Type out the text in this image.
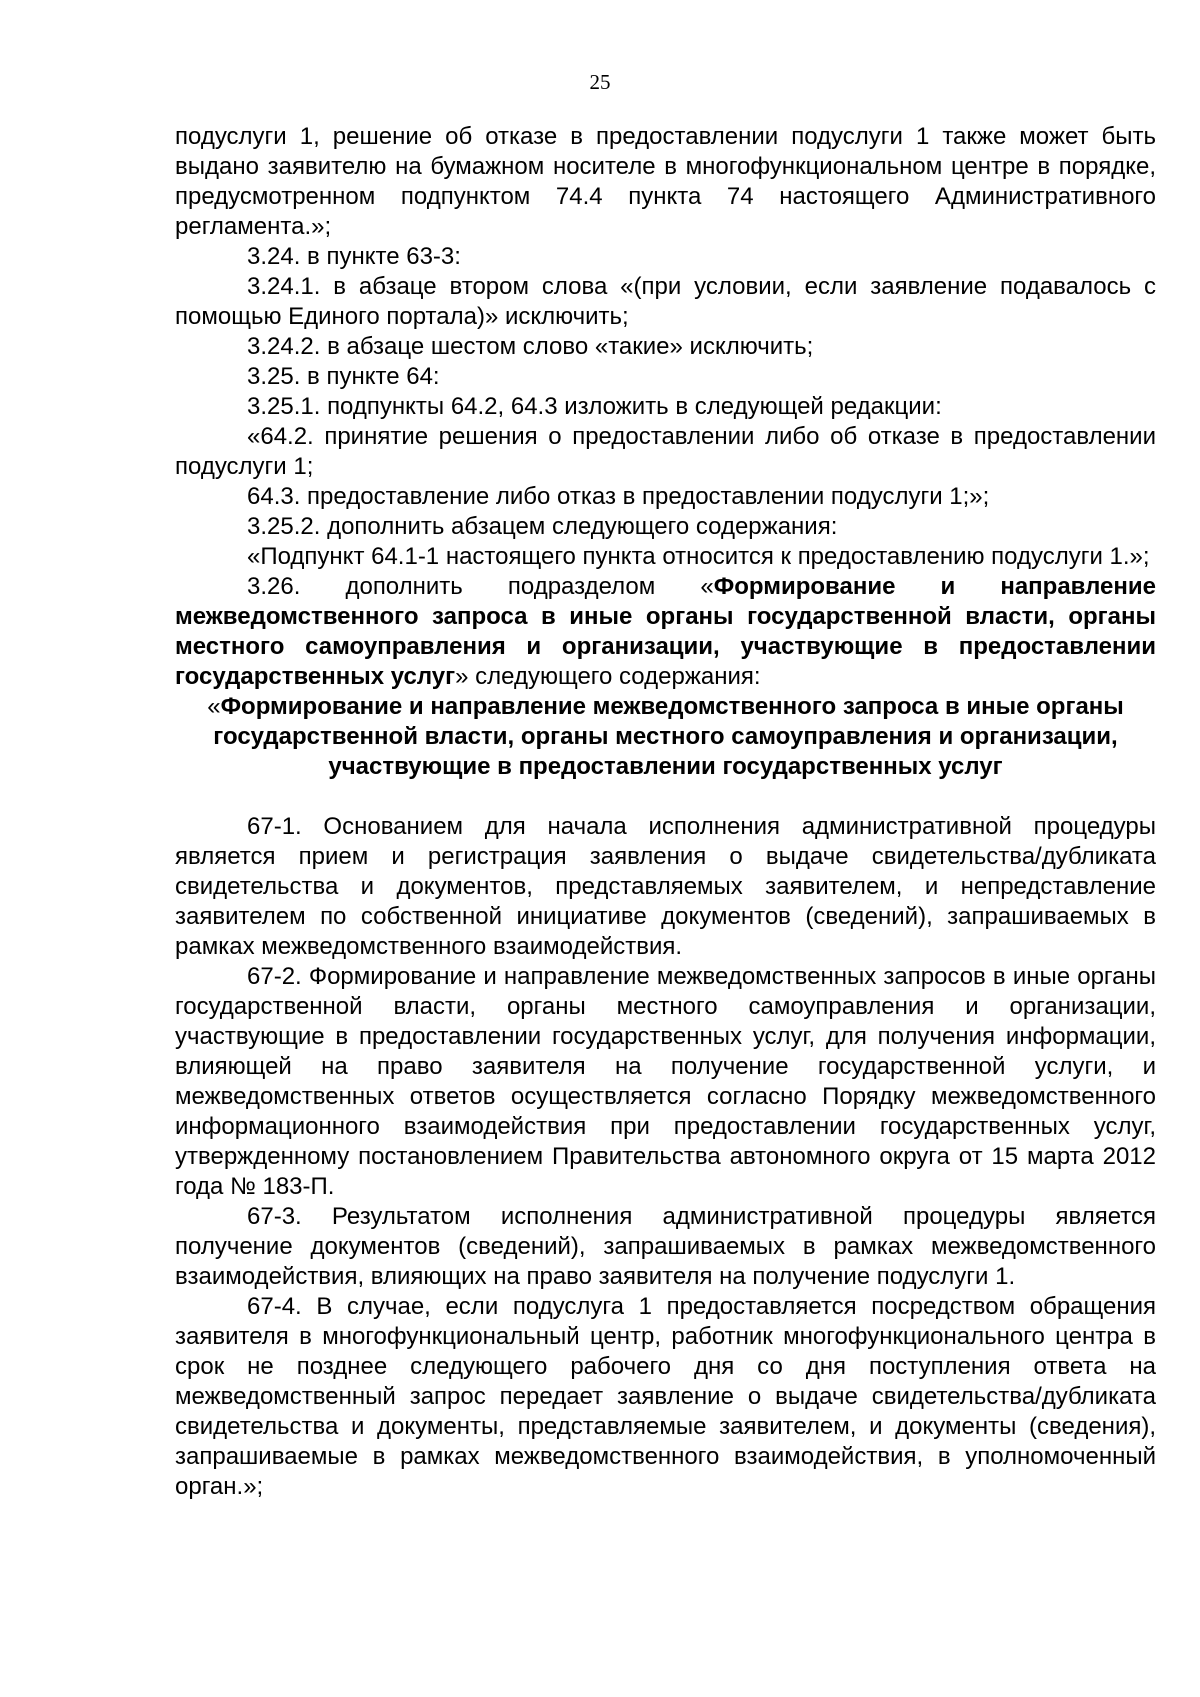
25

подуслуги 1, решение об отказе в предоставлении подуслуги 1 также может быть выдано заявителю на бумажном носителе в многофункциональном центре в порядке, предусмотренном подпунктом 74.4 пункта 74 настоящего Административного регламента.»;

3.24. в пункте 63-3:

3.24.1. в абзаце втором слова «(при условии, если заявление подавалось с помощью Единого портала)» исключить;

3.24.2. в абзаце шестом слово «такие» исключить;

3.25. в пункте 64:

3.25.1. подпункты 64.2, 64.3 изложить в следующей редакции:

«64.2. принятие решения о предоставлении либо об отказе в предоставлении подуслуги 1;

64.3. предоставление либо отказ в предоставлении подуслуги 1;»;

3.25.2. дополнить абзацем следующего содержания:

«Подпункт 64.1-1 настоящего пункта относится к предоставлению подуслуги 1.»;

3.26. дополнить подразделом «Формирование и направление межведомственного запроса в иные органы государственной власти, органы местного самоуправления и организации, участвующие в предоставлении государственных услуг» следующего содержания:

«Формирование и направление межведомственного запроса в иные органы государственной власти, органы местного самоуправления и организации, участвующие в предоставлении государственных услуг

67-1. Основанием для начала исполнения административной процедуры является прием и регистрация заявления о выдаче свидетельства/дубликата свидетельства и документов, представляемых заявителем, и непредставление заявителем по собственной инициативе документов (сведений), запрашиваемых в рамках межведомственного взаимодействия.

67-2. Формирование и направление межведомственных запросов в иные органы государственной власти, органы местного самоуправления и организации, участвующие в предоставлении государственных услуг, для получения информации, влияющей на право заявителя на получение государственной услуги, и межведомственных ответов осуществляется согласно Порядку межведомственного информационного взаимодействия при предоставлении государственных услуг, утвержденному постановлением Правительства автономного округа от 15 марта 2012 года № 183-П.

67-3. Результатом исполнения административной процедуры является получение документов (сведений), запрашиваемых в рамках межведомственного взаимодействия, влияющих на право заявителя на получение подуслуги 1.

67-4. В случае, если подуслуга 1 предоставляется посредством обращения заявителя в многофункциональный центр, работник многофункционального центра в срок не позднее следующего рабочего дня со дня поступления ответа на межведомственный запрос передает заявление о выдаче свидетельства/дубликата свидетельства и документы, представляемые заявителем, и документы (сведения), запрашиваемые в рамках межведомственного взаимодействия, в уполномоченный орган.»;
